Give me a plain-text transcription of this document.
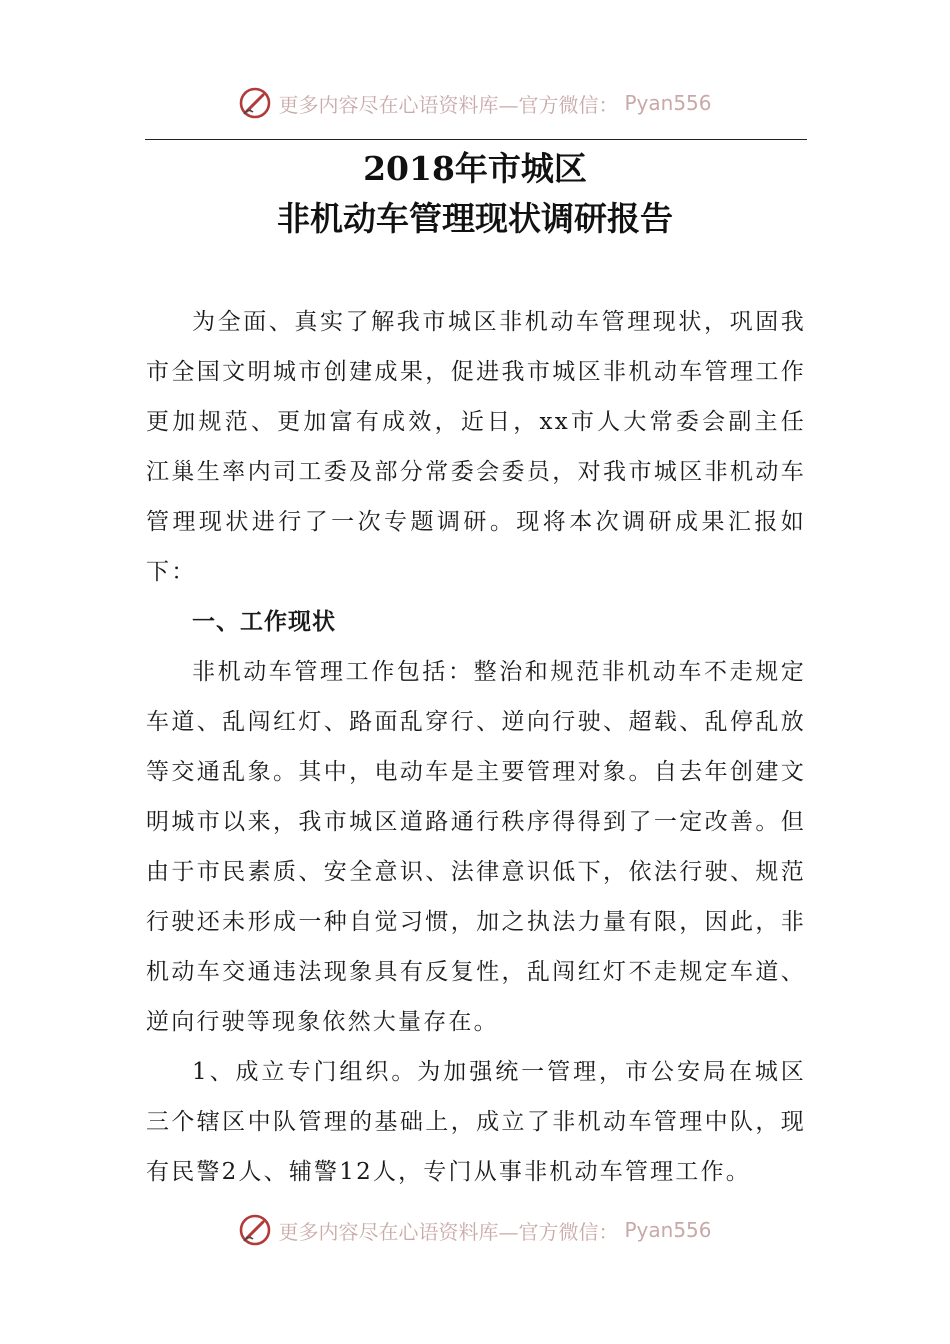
更多内容尽在心语资料库—官方微信： Pyan556
2018年市城区
非机动车管理现状调研报告

为全面、真实了解我市城区非机动车管理现状，巩固我市全国文明城市创建成果，促进我市城区非机动车管理工作更加规范、更加富有成效，近日，xx市人大常委会副主任江巢生率内司工委及部分常委会委员，对我市城区非机动车管理现状进行了一次专题调研。现将本次调研成果汇报如下：

一、工作现状

非机动车管理工作包括：整治和规范非机动车不走规定车道、乱闯红灯、路面乱穿行、逆向行驶、超载、乱停乱放等交通乱象。其中，电动车是主要管理对象。自去年创建文明城市以来，我市城区道路通行秩序得得到了一定改善。但由于市民素质、安全意识、法律意识低下，依法行驶、规范行驶还未形成一种自觉习惯，加之执法力量有限，因此，非机动车交通违法现象具有反复性，乱闯红灯不走规定车道、逆向行驶等现象依然大量存在。

1、成立专门组织。为加强统一管理，市公安局在城区三个辖区中队管理的基础上，成立了非机动车管理中队，现有民警2人、辅警12人，专门从事非机动车管理工作。

更多内容尽在心语资料库—官方微信： Pyan556
